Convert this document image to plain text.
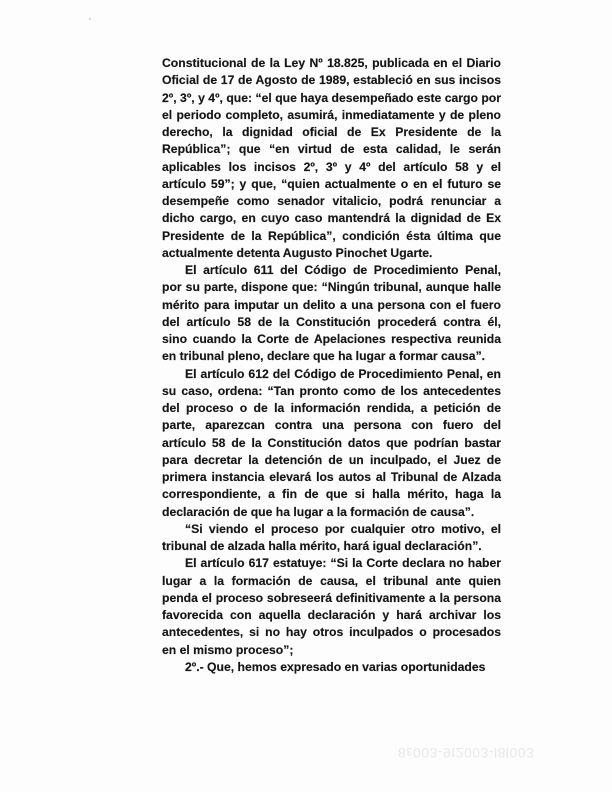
Constitucional de la Ley Nº 18.825, publicada en el Diario Oficial de 17 de Agosto de 1989, estableció en sus incisos 2º, 3º, y 4º, que: “el que haya desempeñado este cargo por el periodo completo, asumirá, inmediatamente y de pleno derecho, la dignidad oficial de Ex Presidente de la República”; que “en virtud de esta calidad, le serán aplicables los incisos 2º, 3º y 4º del artículo 58 y el artículo 59”; y que, “quien actualmente o en el futuro se desempeñe como senador vitalicio, podrá renunciar a dicho cargo, en cuyo caso mantendrá la dignidad de Ex Presidente de la República”, condición ésta última que actualmente detenta Augusto Pinochet Ugarte.

El artículo 611 del Código de Procedimiento Penal, por su parte, dispone que: “Ningún tribunal, aunque halle mérito para imputar un delito a una persona con el fuero del artículo 58 de la Constitución procederá contra él, sino cuando la Corte de Apelaciones respectiva reunida en tribunal pleno, declare que ha lugar a formar causa”.

El artículo 612 del Código de Procedimiento Penal, en su caso, ordena: “Tan pronto como de los antecedentes del proceso o de la información rendida, a petición de parte, aparezcan contra una persona con fuero del artículo 58 de la Constitución datos que podrían bastar para decretar la detención de un inculpado, el Juez de primera instancia elevará los autos al Tribunal de Alzada correspondiente, a fin de que si halla mérito, haga la declaración de que ha lugar a la formación de causa”.

“Si viendo el proceso por cualquier otro motivo, el tribunal de alzada halla mérito, hará igual declaración”.

El artículo 617 estatuye: “Si la Corte declara no haber lugar a la formación de causa, el tribunal ante quien penda el proceso sobreseerá definitivamente a la persona favorecida con aquella declaración y hará archivar los antecedentes, si no hay otros inculpados o procesados en el mismo proceso”;

2º.- Que, hemos expresado en varias oportunidades

8ε003-9t2003-Ɩ8Ɩ003
